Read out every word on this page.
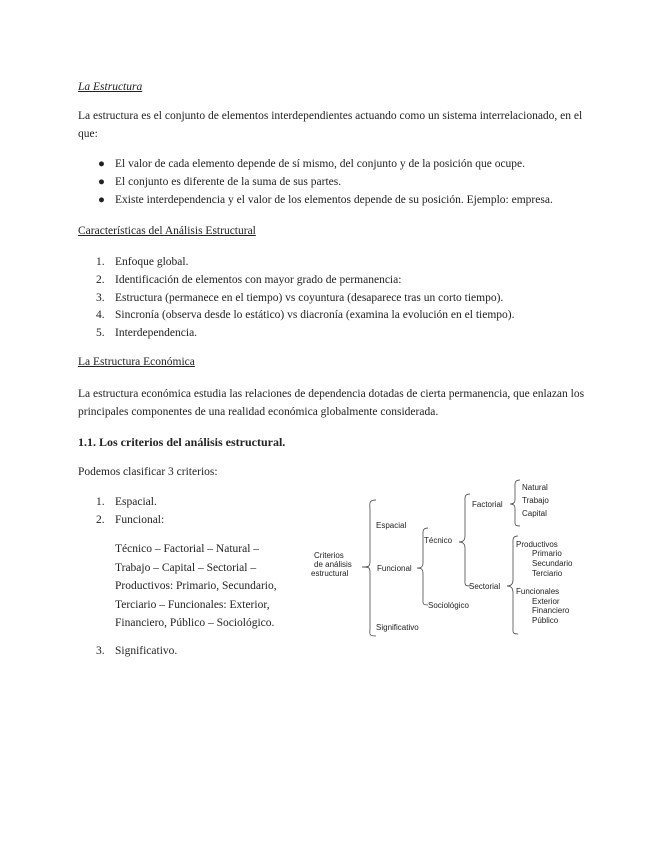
La Estructura

La estructura es el conjunto de elementos interdependientes actuando como un sistema interrelacionado, en el

que:

● El valor de cada elemento depende de sí mismo, del conjunto y de la posición que ocupe.
● El conjunto es diferente de la suma de sus partes.
● Existe interdependencia y el valor de los elementos depende de su posición. Ejemplo: empresa.

Características del Análisis Estructural

1. Enfoque global.
2. Identificación de elementos con mayor grado de permanencia:
3. Estructura (permanece en el tiempo) vs coyuntura (desaparece tras un corto tiempo).
4. Sincronía (observa desde lo estático) vs diacronía (examina la evolución en el tiempo).
5. Interdependencia.

La Estructura Económica

La estructura económica estudia las relaciones de dependencia dotadas de cierta permanencia, que enlazan los

principales componentes de una realidad económica globalmente considerada.

1.1. Los criterios del análisis estructural.

Podemos clasificar 3 criterios:

1. Espacial.
2. Funcional:
3. Significativo.
Técnico – Factorial – Natural –
Trabajo – Capital – Sectorial –
Productivos: Primario, Secundario,
Terciario – Funcionales: Exterior,
Financiero, Público – Sociológico.
Criterios
de análisis
estructural
Espacial
Funcional
Significativo
Técnico
Sociológico
Factorial
Sectorial
Natural
Trabajo
Capital
Productivos
Primario
Secundario
Terciario
Funcionales
Exterior
Financiero
Público
